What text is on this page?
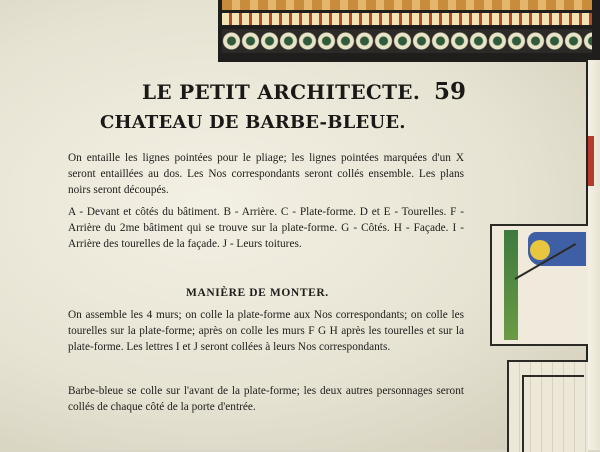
LE PETIT ARCHITECTE. 59
CHATEAU DE BARBE-BLEUE.

On entaille les lignes pointées pour le pliage; les lignes pointées marquées d'un X seront entaillées au dos. Les Nos correspondants seront collés ensemble. Les plans noirs seront découpés.

A - Devant et côtés du bâtiment. B - Arrière. C - Plate-forme. D et E - Tourelles. F - Arrière du 2me bâtiment qui se trouve sur la plate-forme. G - Côtés. H - Façade. I - Arrière des tourelles de la façade. J - Leurs toitures.

MANIÈRE DE MONTER.

On assemble les 4 murs; on colle la plate-forme aux Nos correspondants; on colle les tourelles sur la plate-forme; après on colle les murs F G H après les tourelles et sur la plate-forme. Les lettres I et J seront collées à leurs Nos correspondants.

Barbe-bleue se colle sur l'avant de la plate-forme; les deux autres personnages seront collés de chaque côté de la porte d'entrée.
